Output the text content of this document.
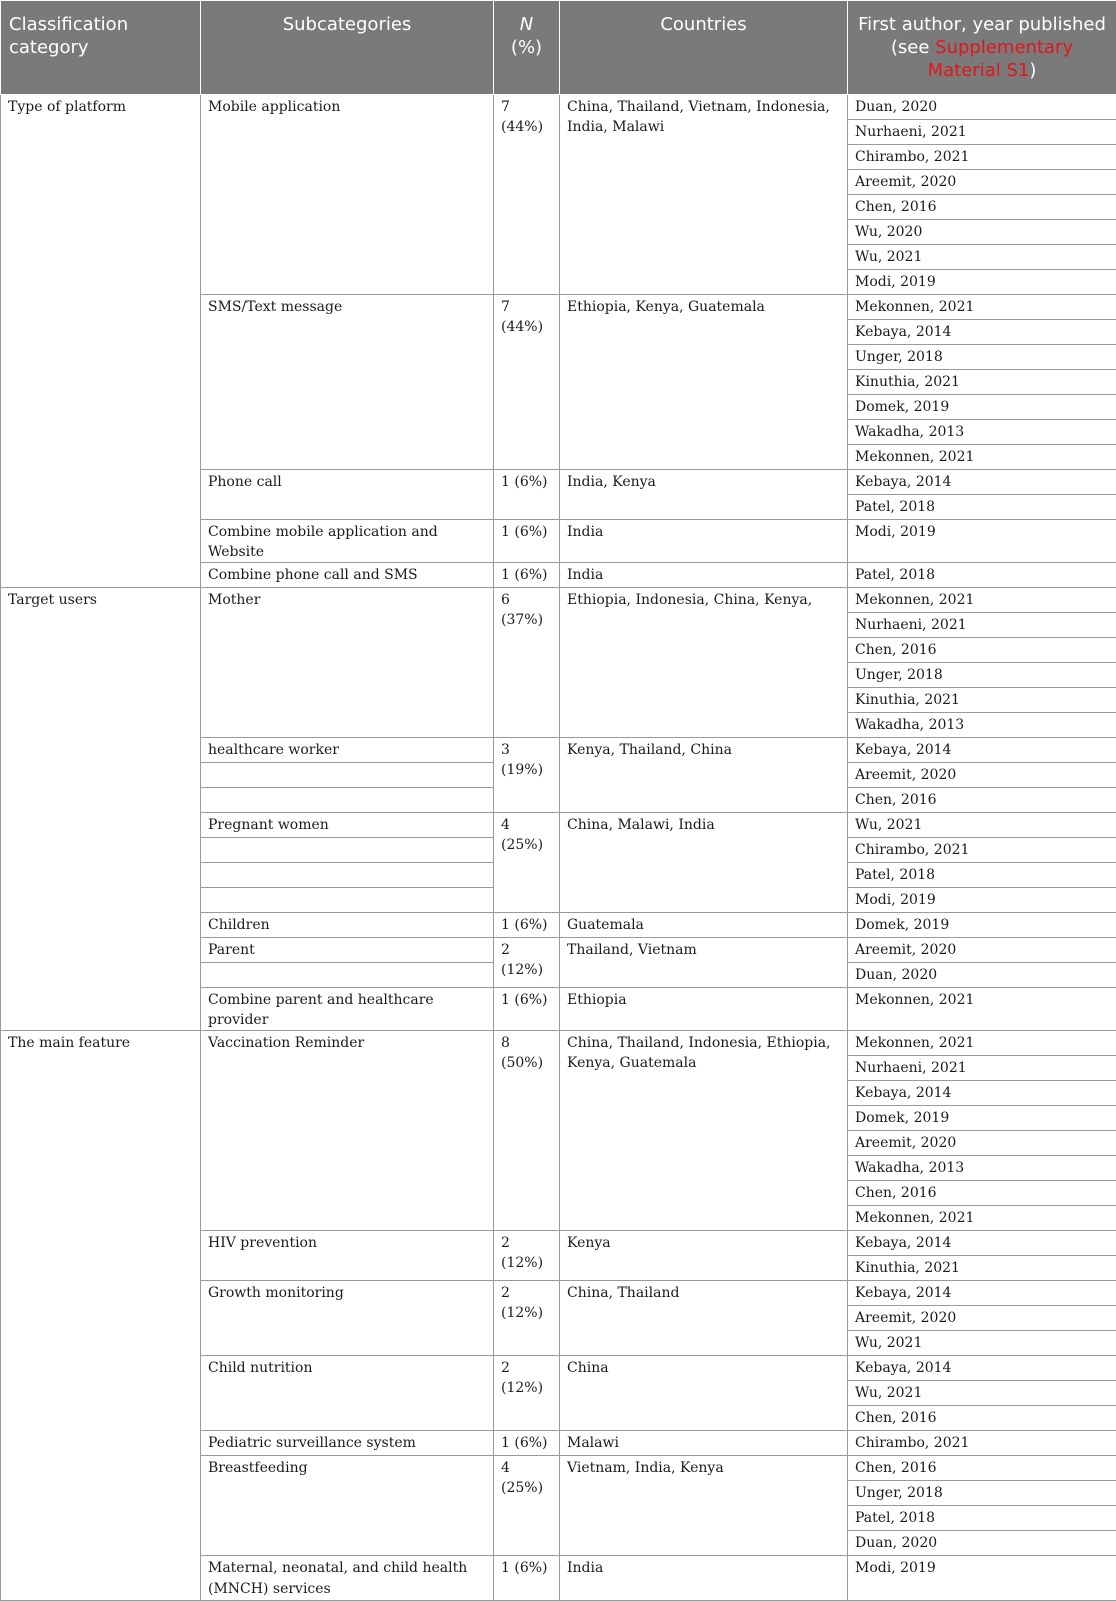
Classification category	Subcategories	N (%)	Countries	First author, year published (see Supplementary Material S1)
Type of platform	Mobile application	7 (44%)	China, Thailand, Vietnam, Indonesia, India, Malawi	Duan, 2020
				Nurhaeni, 2021
				Chirambo, 2021
				Areemit, 2020
				Chen, 2016
				Wu, 2020
				Wu, 2021
				Modi, 2019
	SMS/Text message	7 (44%)	Ethiopia, Kenya, Guatemala	Mekonnen, 2021
				Kebaya, 2014
				Unger, 2018
				Kinuthia, 2021
				Domek, 2019
				Wakadha, 2013
				Mekonnen, 2021
	Phone call	1 (6%)	India, Kenya	Kebaya, 2014
				Patel, 2018
	Combine mobile application and Website	1 (6%)	India	Modi, 2019
	Combine phone call and SMS	1 (6%)	India	Patel, 2018
Target users	Mother	6 (37%)	Ethiopia, Indonesia, China, Kenya,	Mekonnen, 2021
				Nurhaeni, 2021
				Chen, 2016
				Unger, 2018
				Kinuthia, 2021
				Wakadha, 2013
	healthcare worker	3 (19%)	Kenya, Thailand, China	Kebaya, 2014
				Areemit, 2020
				Chen, 2016
	Pregnant women	4 (25%)	China, Malawi, India	Wu, 2021
				Chirambo, 2021
				Patel, 2018
				Modi, 2019
	Children	1 (6%)	Guatemala	Domek, 2019
	Parent	2 (12%)	Thailand, Vietnam	Areemit, 2020
				Duan, 2020
	Combine parent and healthcare provider	1 (6%)	Ethiopia	Mekonnen, 2021
The main feature	Vaccination Reminder	8 (50%)	China, Thailand, Indonesia, Ethiopia, Kenya, Guatemala	Mekonnen, 2021
				Nurhaeni, 2021
				Kebaya, 2014
				Domek, 2019
				Areemit, 2020
				Wakadha, 2013
				Chen, 2016
				Mekonnen, 2021
	HIV prevention	2 (12%)	Kenya	Kebaya, 2014
				Kinuthia, 2021
	Growth monitoring	2 (12%)	China, Thailand	Kebaya, 2014
				Areemit, 2020
				Wu, 2021
	Child nutrition	2 (12%)	China	Kebaya, 2014
				Wu, 2021
				Chen, 2016
	Pediatric surveillance system	1 (6%)	Malawi	Chirambo, 2021
	Breastfeeding	4 (25%)	Vietnam, India, Kenya	Chen, 2016
				Unger, 2018
				Patel, 2018
				Duan, 2020
	Maternal, neonatal, and child health (MNCH) services	1 (6%)	India	Modi, 2019
